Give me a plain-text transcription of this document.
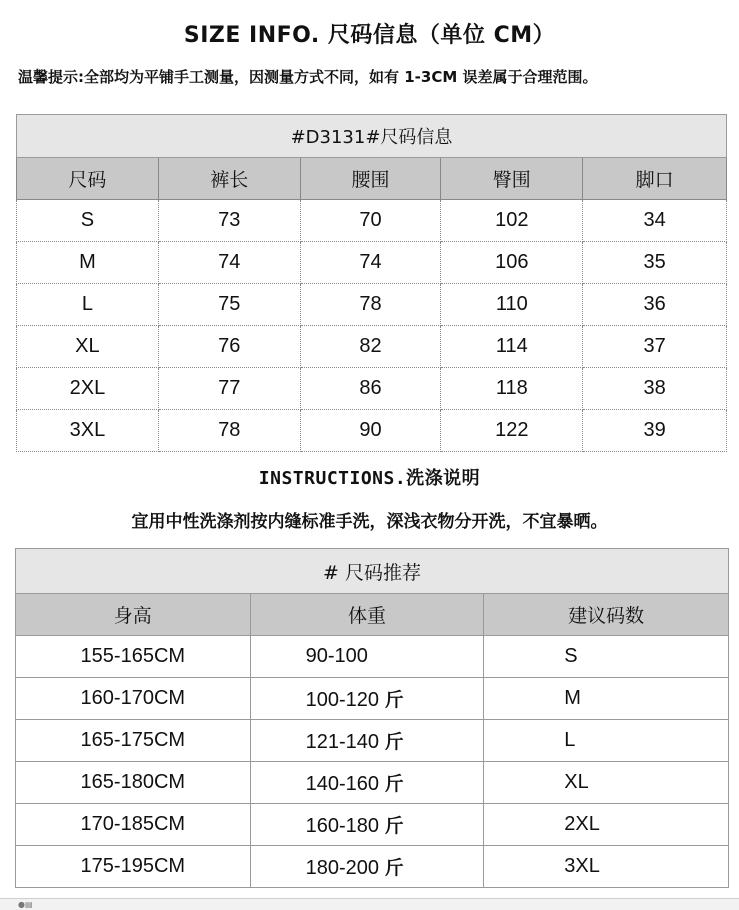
SIZE INFO. 尺码信息（单位 CM）
温馨提示:全部均为平铺手工测量，因测量方式不同，如有 1-3CM 误差属于合理范围。
#D3131#尺码信息				
尺码	裤长	腰围	臀围	脚口
S	73	70	102	34
M	74	74	106	35
L	75	78	110	36
XL	76	82	114	37
2XL	77	86	118	38
3XL	78	90	122	39
INSTRUCTIONS.洗涤说明
宜用中性洗涤剂按内缝标准手洗，深浅衣物分开洗，不宜暴晒。
# 尺码推荐		
身高	体重	建议码数
155-165CM	90-100	S
160-170CM	100-120 斤	M
165-175CM	121-140 斤	L
165-180CM	140-160 斤	XL
170-185CM	160-180 斤	2XL
175-195CM	180-200 斤	3XL
●▤
